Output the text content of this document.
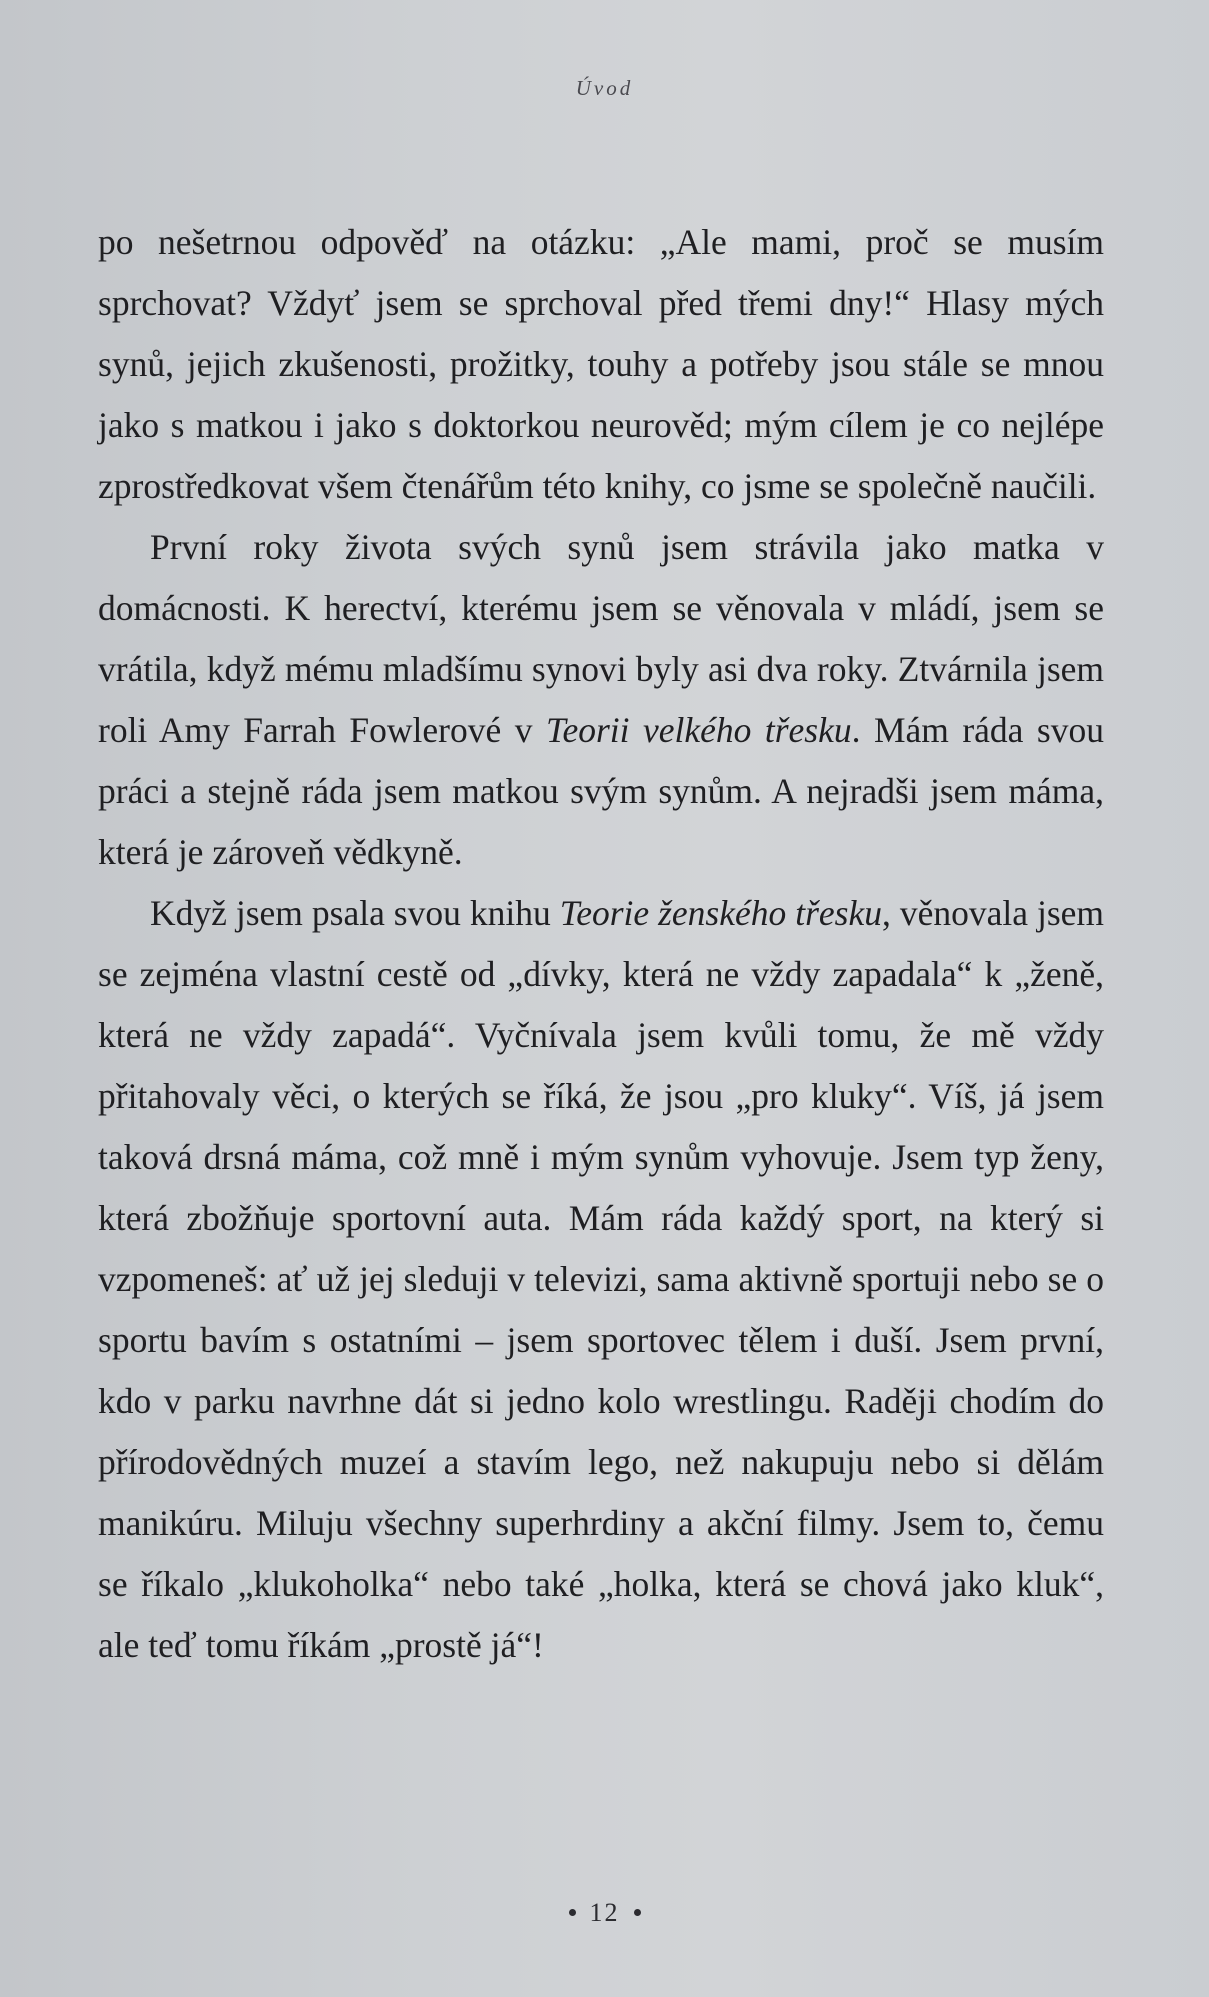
Úvod

po nešetrnou odpověď na otázku: „Ale mami, proč se musím sprchovat? Vždyť jsem se sprchoval před třemi dny!“ Hlasy mých synů, jejich zkušenosti, prožitky, touhy a potřeby jsou stále se mnou jako s matkou i jako s doktorkou neurověd; mým cílem je co nejlépe zprostředkovat všem čtenářům této knihy, co jsme se společně naučili.

První roky života svých synů jsem strávila jako matka v domácnosti. K herectví, kterému jsem se věnovala v mládí, jsem se vrátila, když mému mladšímu synovi byly asi dva roky. Ztvárnila jsem roli Amy Farrah Fowlerové v Teorii velkého třesku. Mám ráda svou práci a stejně ráda jsem matkou svým synům. A nejradši jsem máma, která je zároveň vědkyně.

Když jsem psala svou knihu Teorie ženského třesku, věnovala jsem se zejména vlastní cestě od „dívky, která ne vždy zapadala“ k „ženě, která ne vždy zapadá“. Vyčnívala jsem kvůli tomu, že mě vždy přitahovaly věci, o kterých se říká, že jsou „pro kluky“. Víš, já jsem taková drsná máma, což mně i mým synům vyhovuje. Jsem typ ženy, která zbožňuje sportovní auta. Mám ráda každý sport, na který si vzpomeneš: ať už jej sleduji v televizi, sama aktivně sportuji nebo se o sportu bavím s ostatními – jsem sportovec tělem i duší. Jsem první, kdo v parku navrhne dát si jedno kolo wrestlingu. Raději chodím do přírodovědných muzeí a stavím lego, než nakupuju nebo si dělám manikúru. Miluju všechny superhrdiny a akční filmy. Jsem to, čemu se říkalo „klukoholka“ nebo také „holka, která se chová jako kluk“, ale teď tomu říkám „prostě já“!

12
